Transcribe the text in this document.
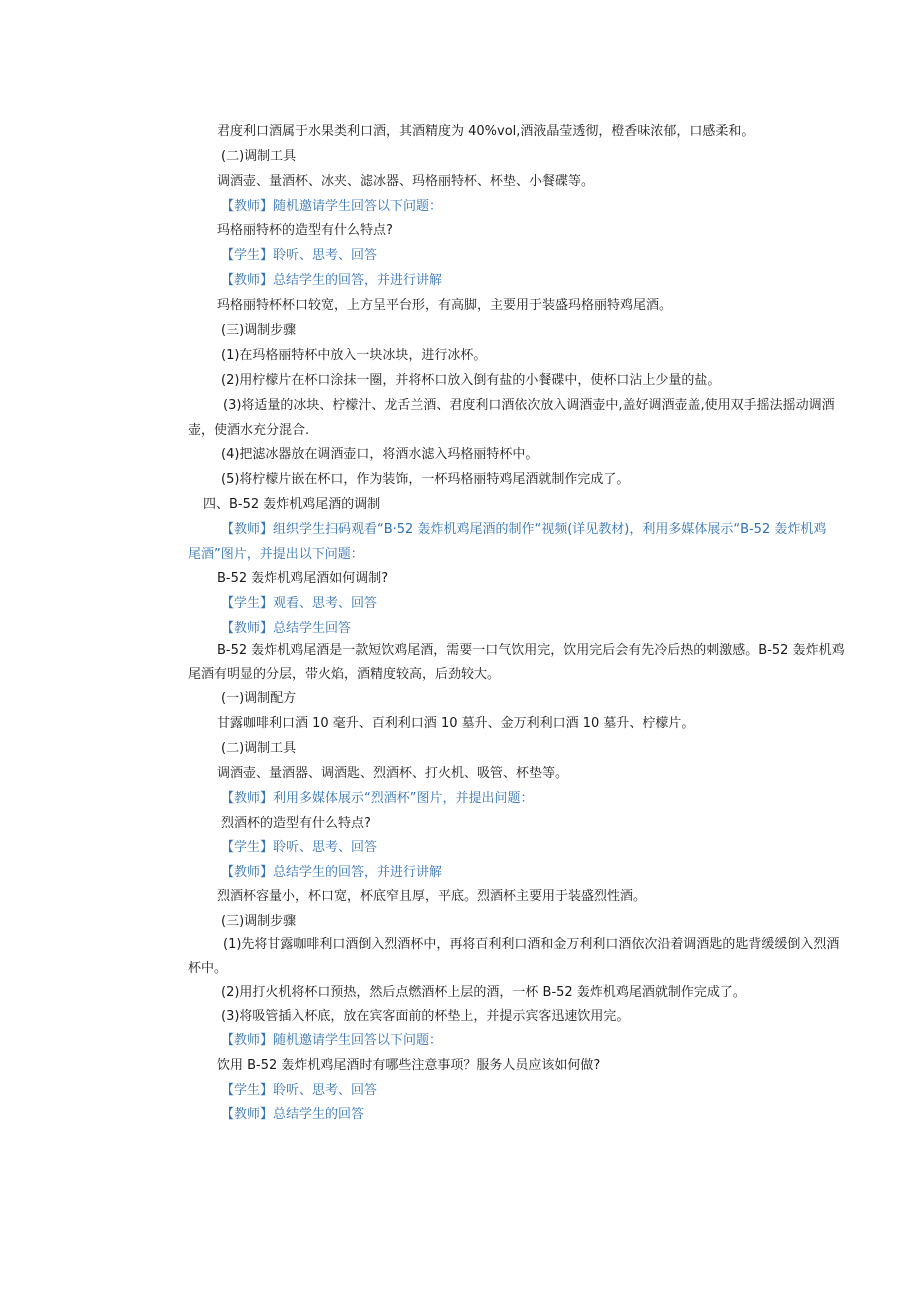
君度利口酒属于水果类利口酒，其酒精度为 40%vol,酒液晶莹透彻，橙香味浓郁，口感柔和。

(二)调制工具

调酒壶、量酒杯、冰夹、滤冰器、玛格丽特杯、杯垫、小餐碟等。

【教师】随机邀请学生回答以下问题：

玛格丽特杯的造型有什么特点?

【学生】聆听、思考、回答

【教师】总结学生的回答，并进行讲解

玛格丽特杯杯口较宽，上方呈平台形，有高脚，主要用于装盛玛格丽特鸡尾酒。

(三)调制步骤

(1)在玛格丽特杯中放入一块冰块，进行冰杯。

(2)用柠檬片在杯口涂抹一圈，并将杯口放入倒有盐的小餐碟中，使杯口沾上少量的盐。

(3)将适量的冰块、柠檬汁、龙舌兰酒、君度利口酒依次放入调酒壶中,盖好调酒壶盖,使用双手摇法摇动调酒

壶，使酒水充分混合.

(4)把滤冰器放在调酒壶口，将酒水滤入玛格丽特杯中。

(5)将柠檬片嵌在杯口，作为装饰，一杯玛格丽特鸡尾酒就制作完成了。

四、B-52 轰炸机鸡尾酒的调制

【教师】组织学生扫码观看“B·52 轰炸机鸡尾酒的制作“视频(详见教材)，利用多媒体展示“B-52 轰炸机鸡

尾酒”图片，并提出以下问题：

B-52 轰炸机鸡尾酒如何调制?

【学生】观看、思考、回答

【教师】总结学生回答

B-52 轰炸机鸡尾酒是一款短饮鸡尾酒，需要一口气饮用完，饮用完后会有先冷后热的刺激感。B-52 轰炸机鸡

尾酒有明显的分层，带火焰，酒精度较高，后劲较大。

(一)调制配方

甘露咖啡利口酒 10 毫升、百利利口酒 10 墓升、金万利利口酒 10 墓升、柠檬片。

(二)调制工具

调酒壶、量酒器、调酒匙、烈酒杯、打火机、吸管、杯垫等。

【教师】利用多媒体展示“烈酒杯”图片，并提出问题：

烈酒杯的造型有什么特点?

【学生】聆听、思考、回答

【教师】总结学生的回答，并进行讲解

烈酒杯容量小，杯口宽，杯底窄且厚，平底。烈酒杯主要用于装盛烈性酒。

(三)调制步骤

(1)先将甘露咖啡利口酒倒入烈酒杯中，再将百利利口酒和金万利利口酒依次沿着调酒匙的匙背缓缓倒入烈酒

杯中。

(2)用打火机将杯口预热，然后点燃酒杯上层的酒，一杯 B-52 轰炸机鸡尾酒就制作完成了。

(3)将吸管插入杯底，放在宾客面前的杯垫上，并提示宾客迅速饮用完。

【教师】随机邀请学生回答以下问题：

饮用 B-52 轰炸机鸡尾酒时有哪些注意事项？服务人员应该如何做?

【学生】聆听、思考、回答

【教师】总结学生的回答
